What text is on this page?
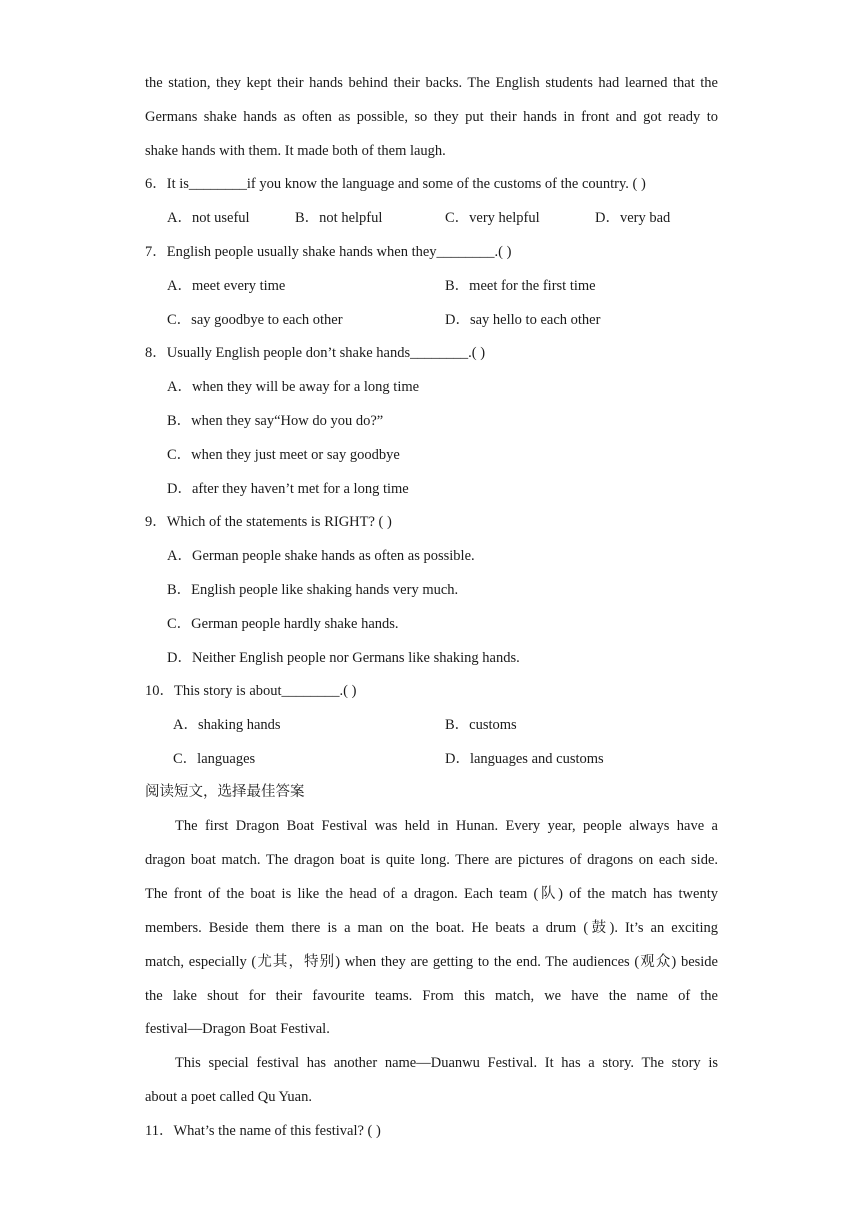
the station, they kept their hands behind their backs. The English students had learned that the
Germans shake hands as often as possible, so they put their hands in front and got ready to
shake hands with them. It made both of them laugh.
6．It is________if you know the language and some of the customs of the country. ( )
A．not useful	B．not helpful	C．very helpful	D．very bad
7．English people usually shake hands when they________.( )
A．meet every time	B．meet for the first time
C．say goodbye to each other	D．say hello to each other
8．Usually English people don’t shake hands________.( )
A．when they will be away for a long time
B．when they say“How do you do?”
C．when they just meet or say goodbye
D．after they haven’t met for a long time
9．Which of the statements is RIGHT? ( )
A．German people shake hands as often as possible.
B．English people like shaking hands very much.
C．German people hardly shake hands.
D．Neither English people nor Germans like shaking hands.
10．This story is about________.( )
A．shaking hands	B．customs
C．languages	D．languages and customs
阅读短文，选择最佳答案
The first Dragon Boat Festival was held in Hunan. Every year, people always have a
dragon boat match. The dragon boat is quite long. There are pictures of dragons on each side.
The front of the boat is like the head of a dragon. Each team (队) of the match has twenty
members. Beside them there is a man on the boat. He beats a drum (鼓). It’s an exciting
match, especially (尤其，特别) when they are getting to the end. The audiences (观众) beside
the lake shout for their favourite teams. From this match, we have the name of the
festival—Dragon Boat Festival.
This special festival has another name—Duanwu Festival. It has a story. The story is
about a poet called Qu Yuan.
11．What’s the name of this festival? ( )
